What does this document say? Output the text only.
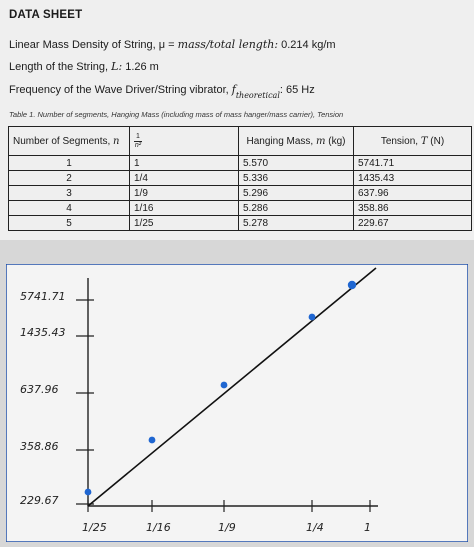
DATA SHEET
Linear Mass Density of String, μ = mass/total length: 0.214 kg/m
Length of the String, L: 1.26 m
Frequency of the Wave Driver/String vibrator, $f_{theoretical}$: 65 Hz
Table 1. Number of segments, Hanging Mass (including mass of mass hanger/mass carrier), Tension
Number of Segments, n	$\frac{1}{\text{n²}}$	Hanging Mass, m (kg)	Tension, T (N)
1	1	5.570	5741.71
2	1/4	5.336	1435.43
3	1/9	5.296	637.96
4	1/16	5.286	358.86
5	1/25	5.278	229.67
5741.71
1435.43
637.96
358.86
229.67
1/25	1/16	1/9	1/4	1
